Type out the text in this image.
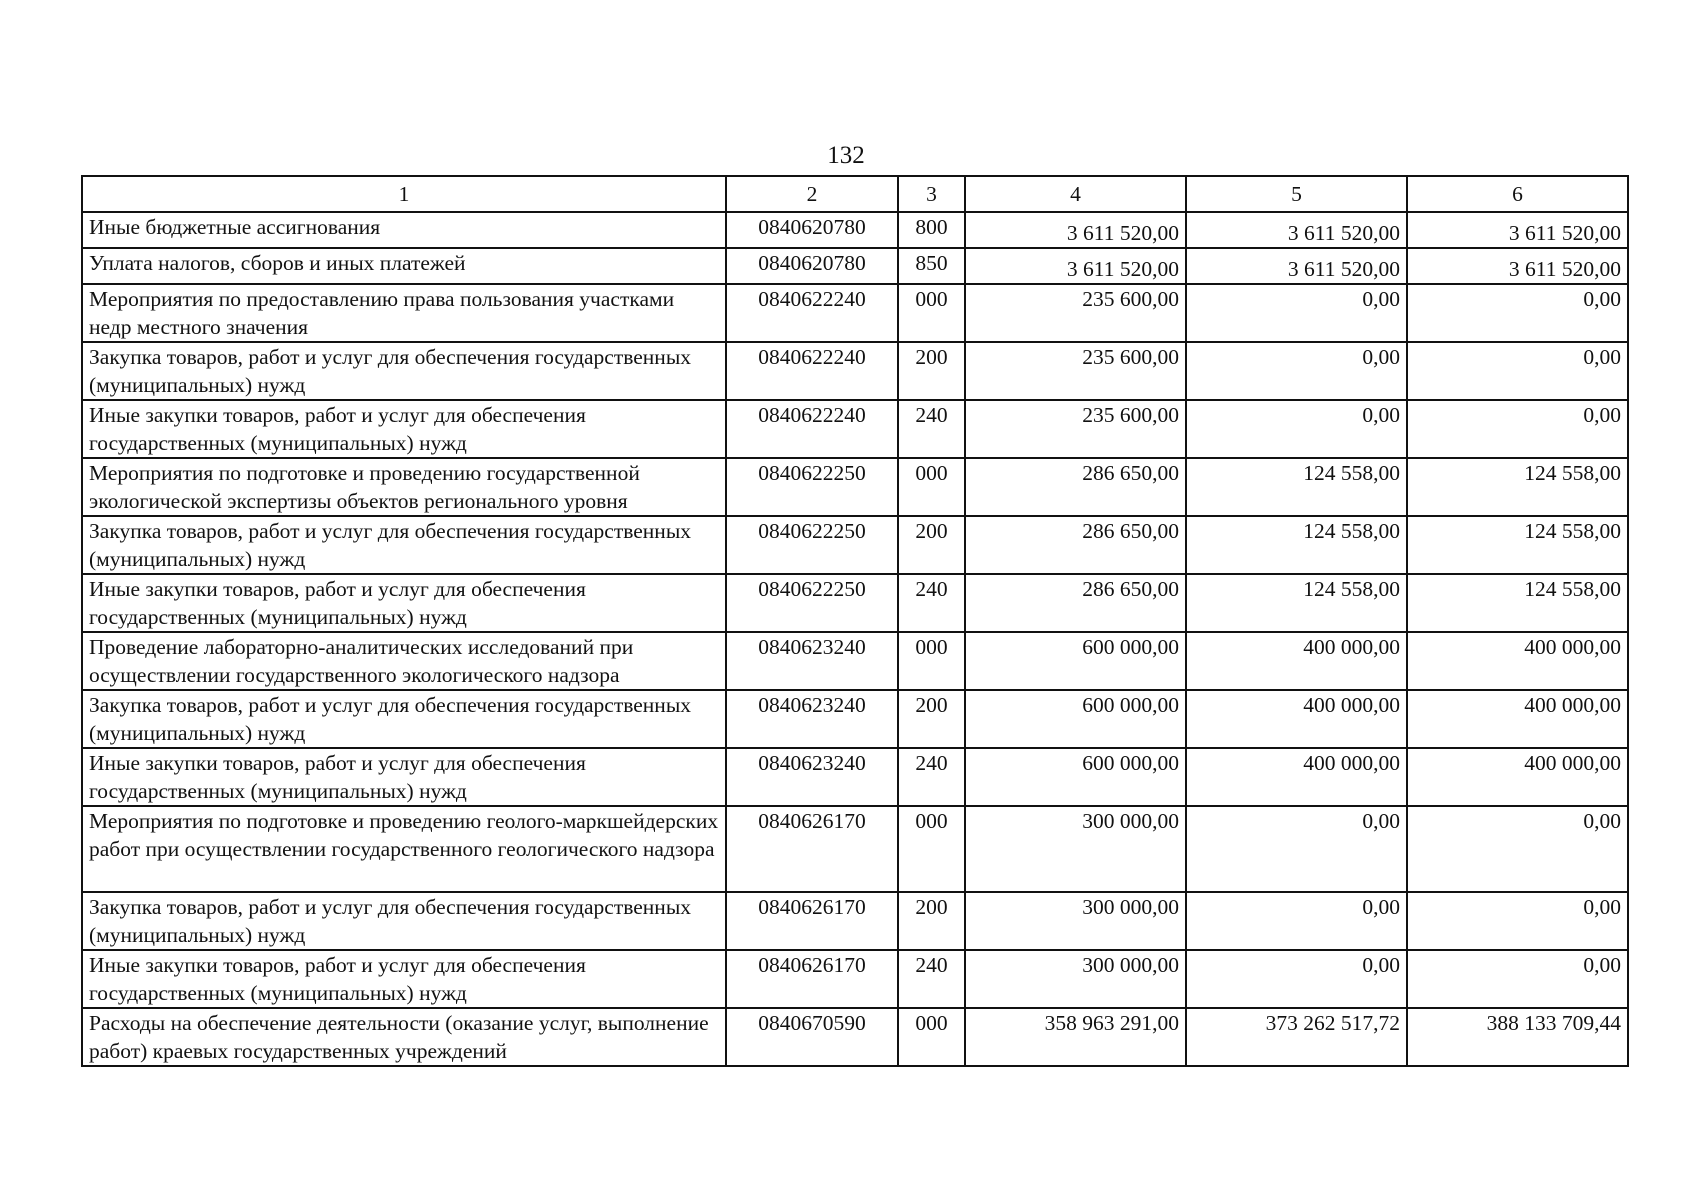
132
1	2	3	4	5	6
Иные бюджетные ассигнования	0840620780	800	3 611 520,00	3 611 520,00	3 611 520,00
Уплата налогов, сборов и иных платежей	0840620780	850	3 611 520,00	3 611 520,00	3 611 520,00
Мероприятия по предоставлению права пользования участками недр местного значения	0840622240	000	235 600,00	0,00	0,00
Закупка товаров, работ и услуг для обеспечения государственных (муниципальных) нужд	0840622240	200	235 600,00	0,00	0,00
Иные закупки товаров, работ и услуг для обеспечения государственных (муниципальных) нужд	0840622240	240	235 600,00	0,00	0,00
Мероприятия по подготовке и проведению государственной экологической экспертизы объектов регионального уровня	0840622250	000	286 650,00	124 558,00	124 558,00
Закупка товаров, работ и услуг для обеспечения государственных (муниципальных) нужд	0840622250	200	286 650,00	124 558,00	124 558,00
Иные закупки товаров, работ и услуг для обеспечения государственных (муниципальных) нужд	0840622250	240	286 650,00	124 558,00	124 558,00
Проведение лабораторно-аналитических исследований при осуществлении государственного экологического надзора	0840623240	000	600 000,00	400 000,00	400 000,00
Закупка товаров, работ и услуг для обеспечения государственных (муниципальных) нужд	0840623240	200	600 000,00	400 000,00	400 000,00
Иные закупки товаров, работ и услуг для обеспечения государственных (муниципальных) нужд	0840623240	240	600 000,00	400 000,00	400 000,00
Мероприятия по подготовке и проведению геолого-маркшейдерских работ при осуществлении государственного геологического надзора	0840626170	000	300 000,00	0,00	0,00
Закупка товаров, работ и услуг для обеспечения государственных (муниципальных) нужд	0840626170	200	300 000,00	0,00	0,00
Иные закупки товаров, работ и услуг для обеспечения государственных (муниципальных) нужд	0840626170	240	300 000,00	0,00	0,00
Расходы на обеспечение деятельности (оказание услуг, выполнение работ) краевых государственных учреждений	0840670590	000	358 963 291,00	373 262 517,72	388 133 709,44
